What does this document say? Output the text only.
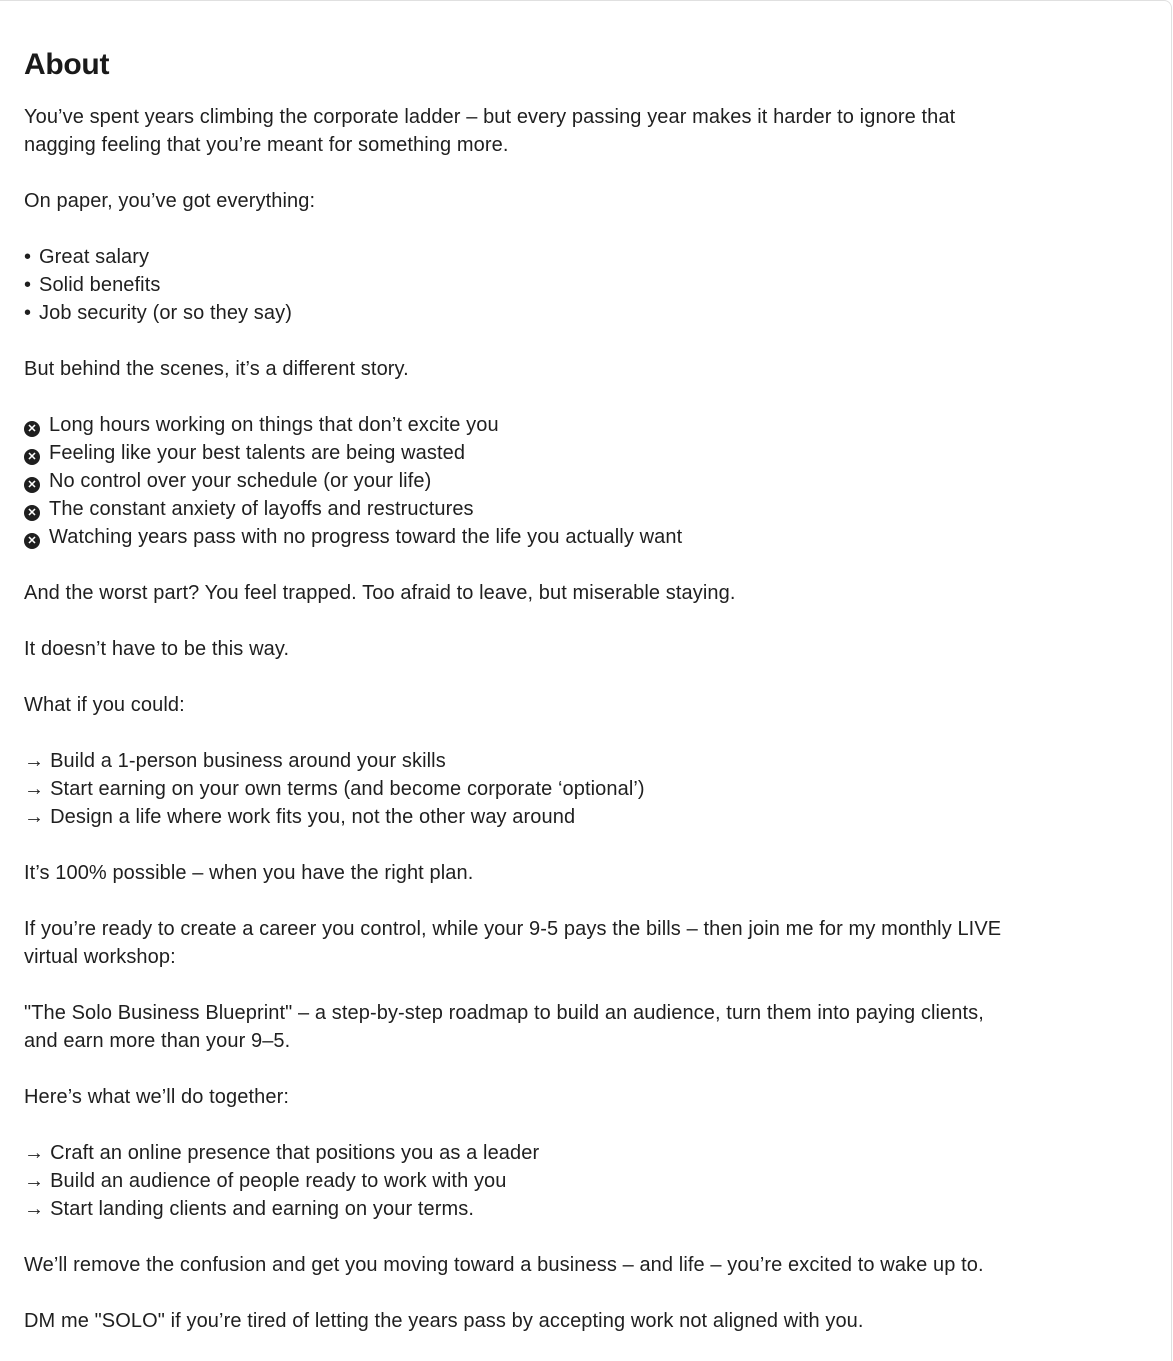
About
You’ve spent years climbing the corporate ladder – but every passing year makes it harder to ignore that
nagging feeling that you’re meant for something more.
On paper, you’ve got everything:
• Great salary
• Solid benefits
• Job security (or so they say)
But behind the scenes, it’s a different story.
✕ Long hours working on things that don’t excite you
✕ Feeling like your best talents are being wasted
✕ No control over your schedule (or your life)
✕ The constant anxiety of layoffs and restructures
✕ Watching years pass with no progress toward the life you actually want
And the worst part? You feel trapped. Too afraid to leave, but miserable staying.
It doesn’t have to be this way.
What if you could:
→ Build a 1-person business around your skills
→ Start earning on your own terms (and become corporate ‘optional’)
→ Design a life where work fits you, not the other way around
It’s 100% possible – when you have the right plan.
If you’re ready to create a career you control, while your 9-5 pays the bills – then join me for my monthly LIVE
virtual workshop:
"The Solo Business Blueprint" – a step-by-step roadmap to build an audience, turn them into paying clients,
and earn more than your 9–5.
Here’s what we’ll do together:
→ Craft an online presence that positions you as a leader
→ Build an audience of people ready to work with you
→ Start landing clients and earning on your terms.
We’ll remove the confusion and get you moving toward a business – and life – you’re excited to wake up to.
DM me "SOLO" if you’re tired of letting the years pass by accepting work not aligned with you.
